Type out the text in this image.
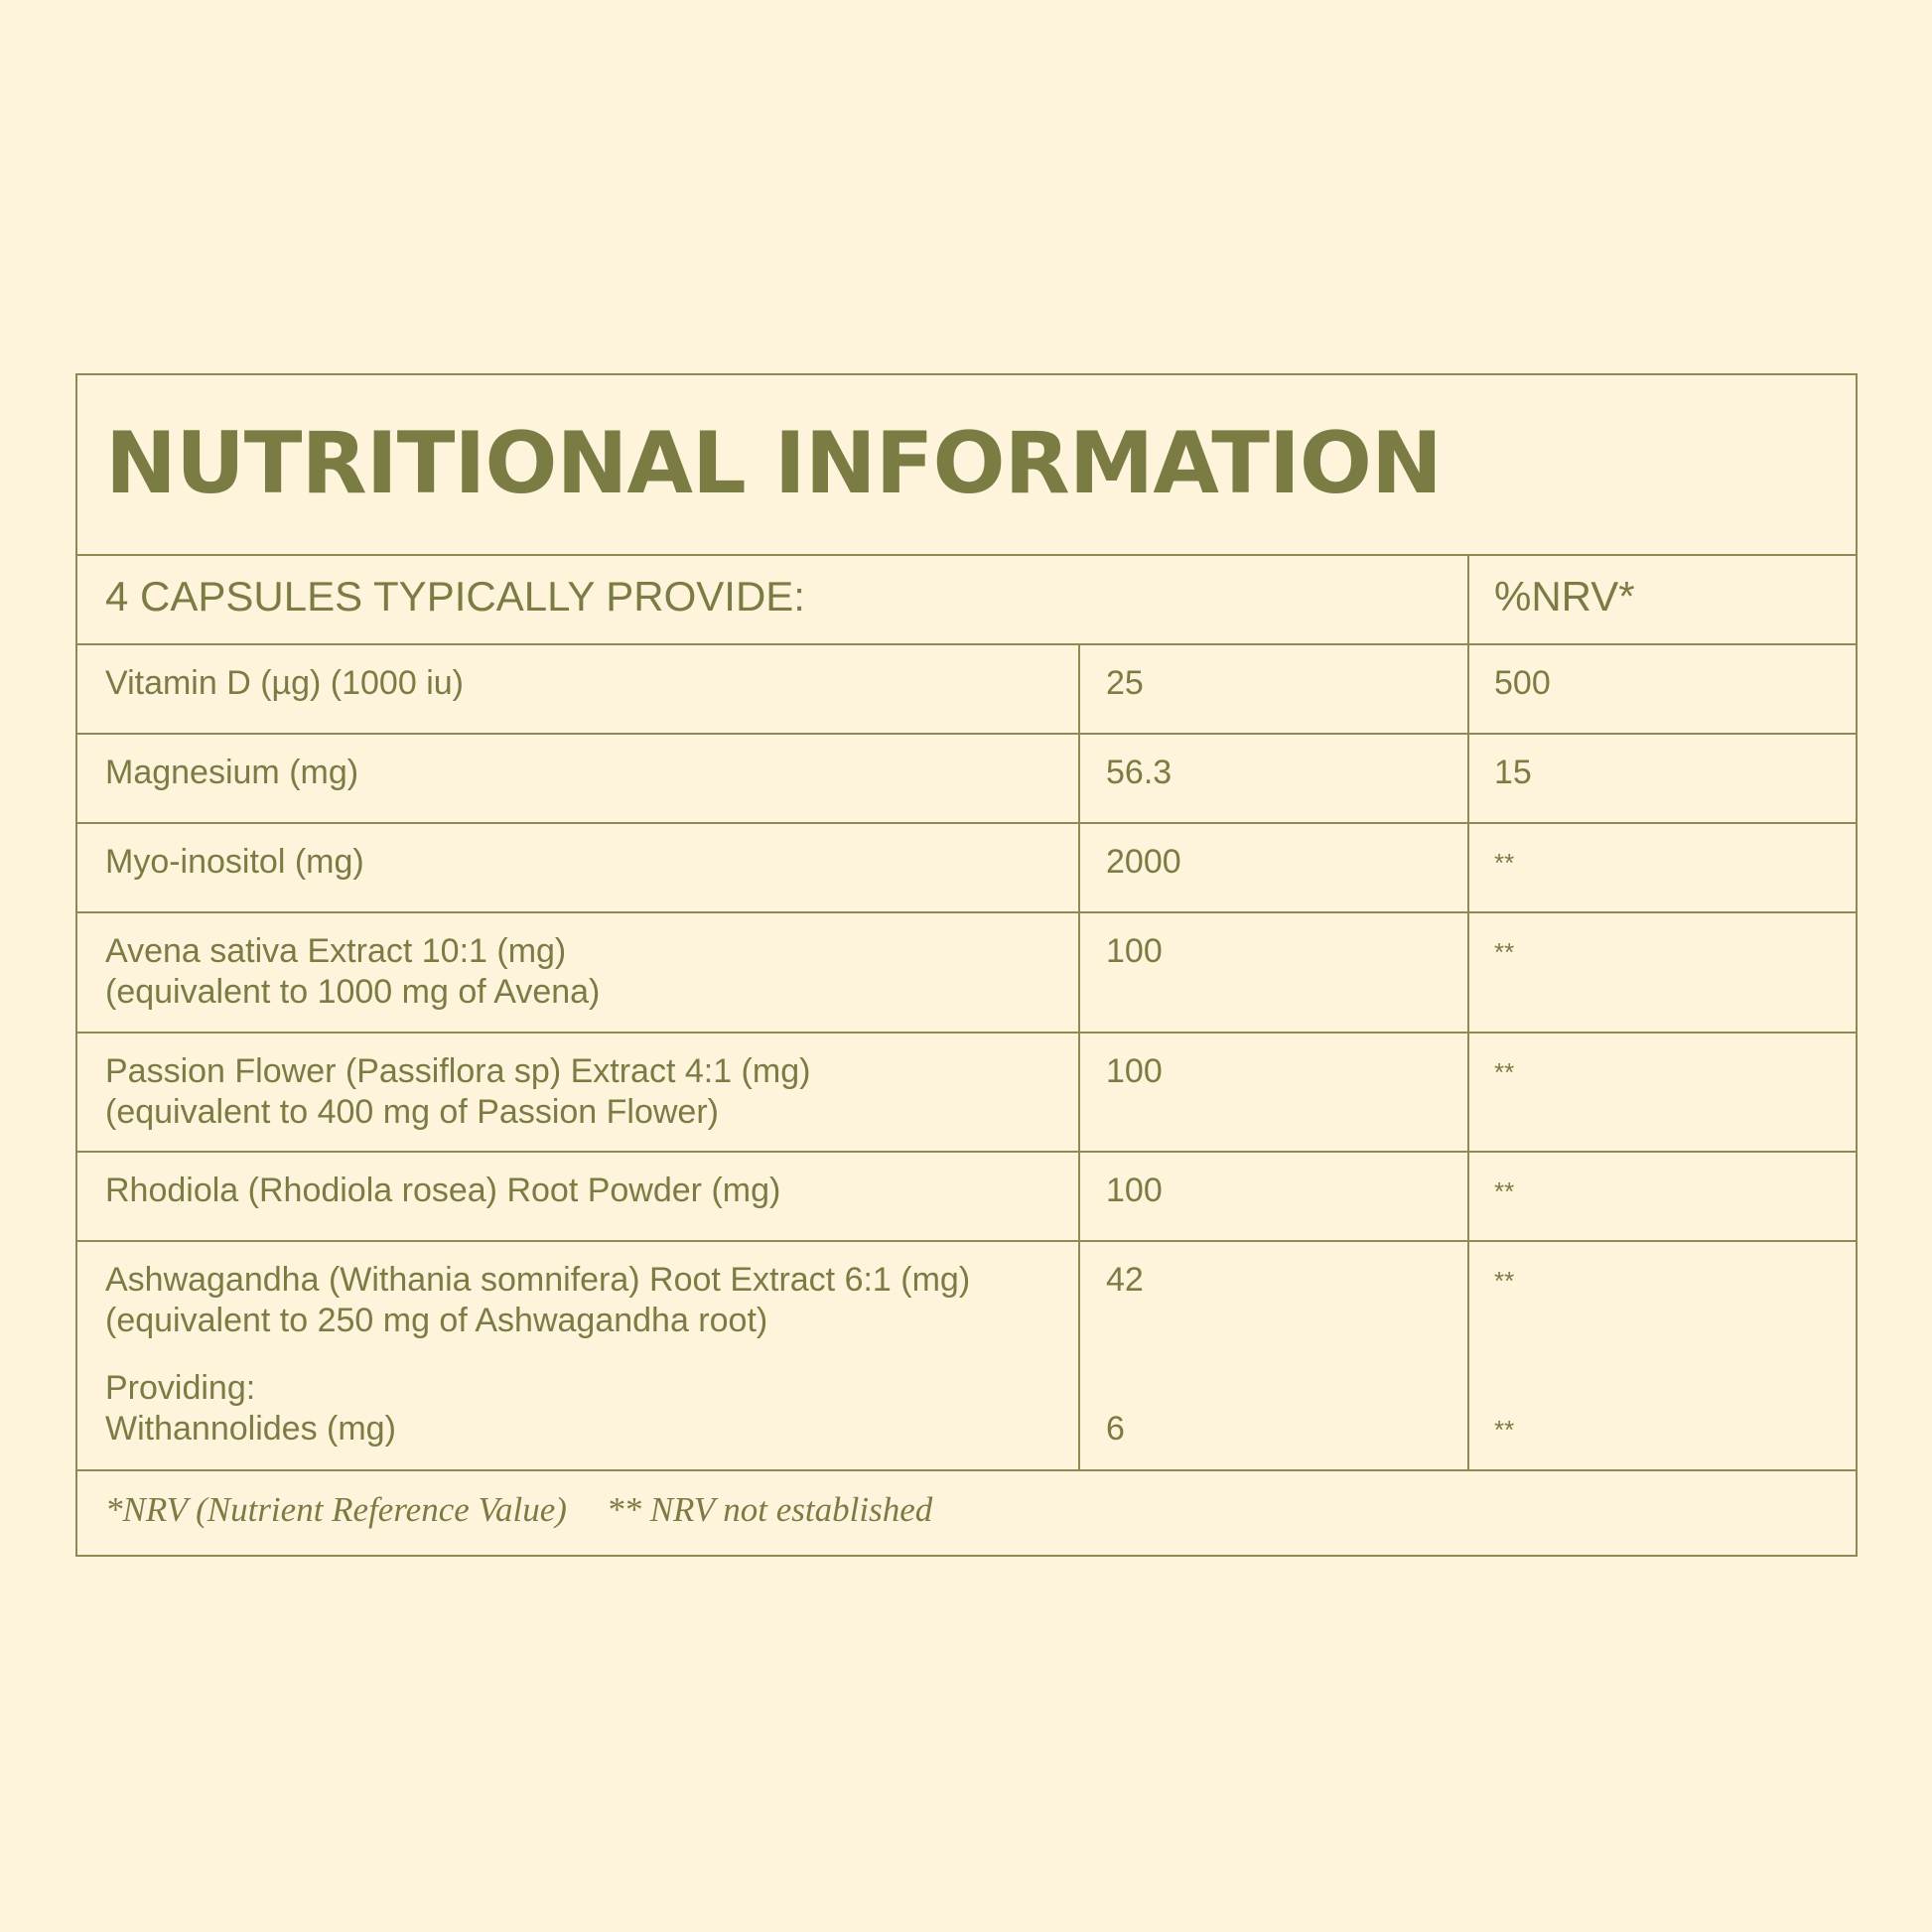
NUTRITIONAL INFORMATION
4 CAPSULES TYPICALLY PROVIDE:	%NRV*
Vitamin D (µg) (1000 iu)	25	500
Magnesium (mg)	56.3	15
Myo-inositol (mg)	2000	**
Avena sativa Extract 10:1 (mg)
(equivalent to 1000 mg of Avena)
100	**
Passion Flower (Passiflora sp) Extract 4:1 (mg)
(equivalent to 400 mg of Passion Flower)
100	**
Rhodiola (Rhodiola rosea) Root Powder (mg)	100	**
Ashwagandha (Withania somnifera) Root Extract 6:1 (mg)
(equivalent to 250 mg of Ashwagandha root)
42	**
Providing:
Withannolides (mg)	6	**
*NRV (Nutrient Reference Value) ** NRV not established
